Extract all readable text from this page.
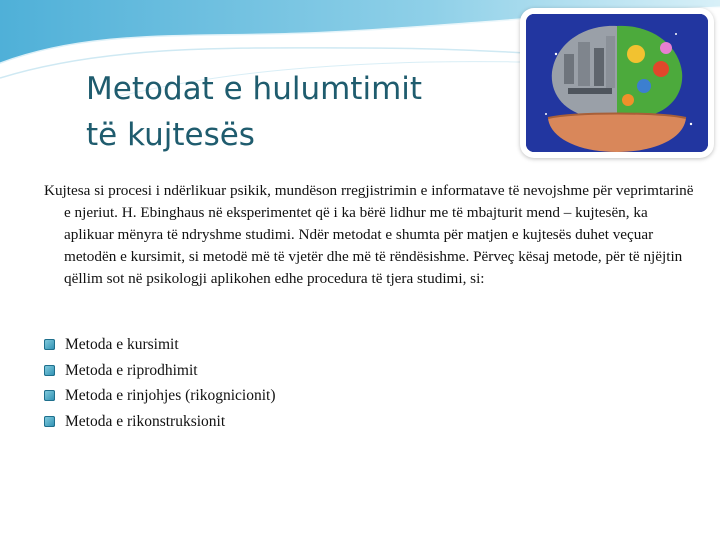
Metodat e hulumtimit
të kujtesës

Kujtesa si procesi i ndërlikuar psikik, mundëson rregjistrimin e informatave të nevojshme për veprimtarinë e njeriut. H. Ebinghaus në eksperimentet që i ka bërë lidhur me të mbajturit mend – kujtesën, ka aplikuar mënyra të ndryshme studimi. Ndër metodat e shumta për matjen e kujtesës duhet veçuar metodën e kursimit, si metodë më të vjetër dhe më të rëndësishme. Përveç kësaj metode, për të njëjtin qëllim sot në psikologji aplikohen edhe procedura të tjera studimi, si:

Metoda e kursimit
Metoda e riprodhimit
Metoda e rinjohjes (rikognicionit)
Metoda e rikonstruksionit
